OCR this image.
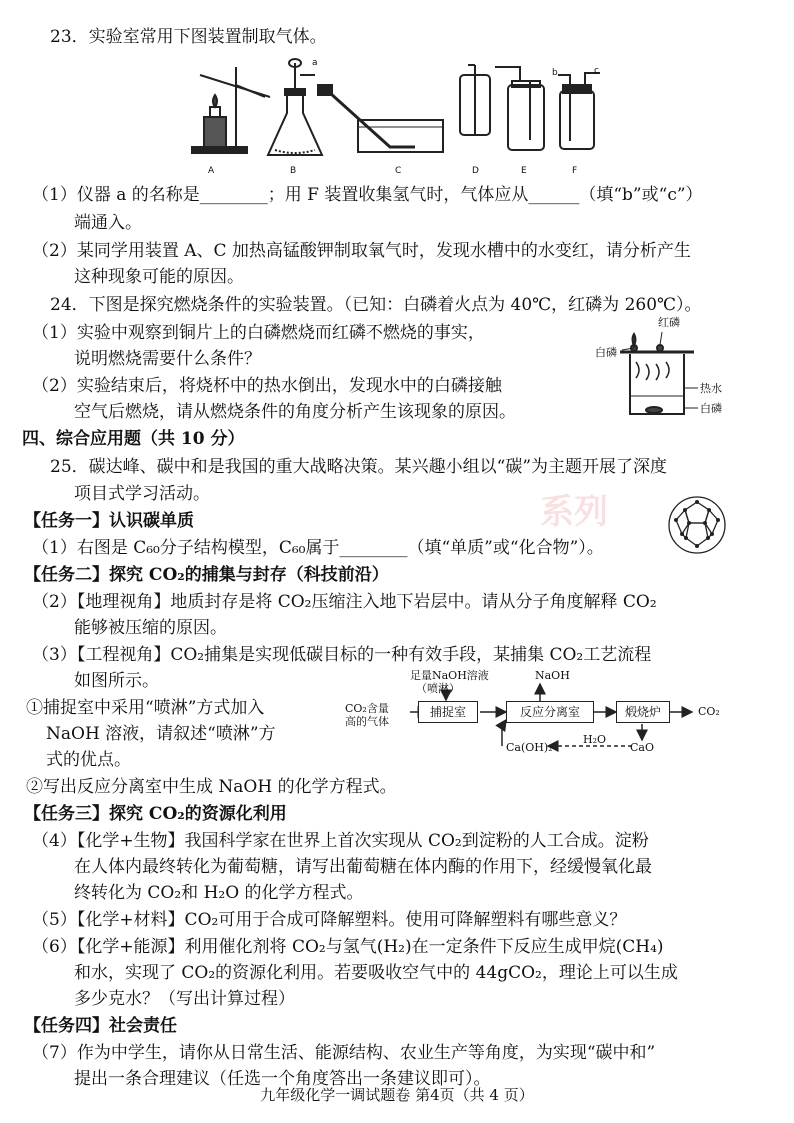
23．实验室常用下图装置制取气体。
A	B	C	D	E	F
a
b	c
（1）仪器 a 的名称是________；用 F 装置收集氢气时，气体应从______（填“b”或“c”）
端通入。
（2）某同学用装置 A、C 加热高锰酸钾制取氧气时，发现水槽中的水变红，请分析产生
这种现象可能的原因。
24．下图是探究燃烧条件的实验装置。（已知：白磷着火点为 40℃，红磷为 260℃）。
（1）实验中观察到铜片上的白磷燃烧而红磷不燃烧的事实，
说明燃烧需要什么条件？
（2）实验结束后，将烧杯中的热水倒出，发现水中的白磷接触
空气后燃烧，请从燃烧条件的角度分析产生该现象的原因。
红磷
白磷
热水
白磷
四、综合应用题（共 10 分）
25．碳达峰、碳中和是我国的重大战略决策。某兴趣小组以“碳”为主题开展了深度
项目式学习活动。
【任务一】认识碳单质
（1）右图是 C₆₀分子结构模型，C₆₀属于________（填“单质”或“化合物”）。
【任务二】探究 CO₂的捕集与封存（科技前沿）
（2）【地理视角】地质封存是将 CO₂压缩注入地下岩层中。请从分子角度解释 CO₂
能够被压缩的原因。
（3）【工程视角】CO₂捕集是实现低碳目标的一种有效手段，某捕集 CO₂工艺流程
如图所示。
①捕捉室中采用“喷淋”方式加入
NaOH 溶液，请叙述“喷淋”方
式的优点。
②写出反应分离室中生成 NaOH 的化学方程式。
足量NaOH溶液
（喷淋）
NaOH
CO₂含量
高的气体
捕捉室	反应分离室	煅烧炉	CO₂
Ca(OH)₂
H₂O
CaO
【任务三】探究 CO₂的资源化利用
（4）【化学+生物】我国科学家在世界上首次实现从 CO₂到淀粉的人工合成。淀粉
在人体内最终转化为葡萄糖，请写出葡萄糖在体内酶的作用下，经缓慢氧化最
终转化为 CO₂和 H₂O 的化学方程式。
（5）【化学+材料】CO₂可用于合成可降解塑料。使用可降解塑料有哪些意义？
（6）【化学+能源】利用催化剂将 CO₂与氢气(H₂)在一定条件下反应生成甲烷(CH₄)
和水，实现了 CO₂的资源化利用。若要吸收空气中的 44gCO₂，理论上可以生成
多少克水？（写出计算过程）
【任务四】社会责任
（7）作为中学生，请你从日常生活、能源结构、农业生产等角度，为实现“碳中和”
提出一条合理建议（任选一个角度答出一条建议即可）。
系列
九年级化学一调试题卷 第4页（共 4 页）
